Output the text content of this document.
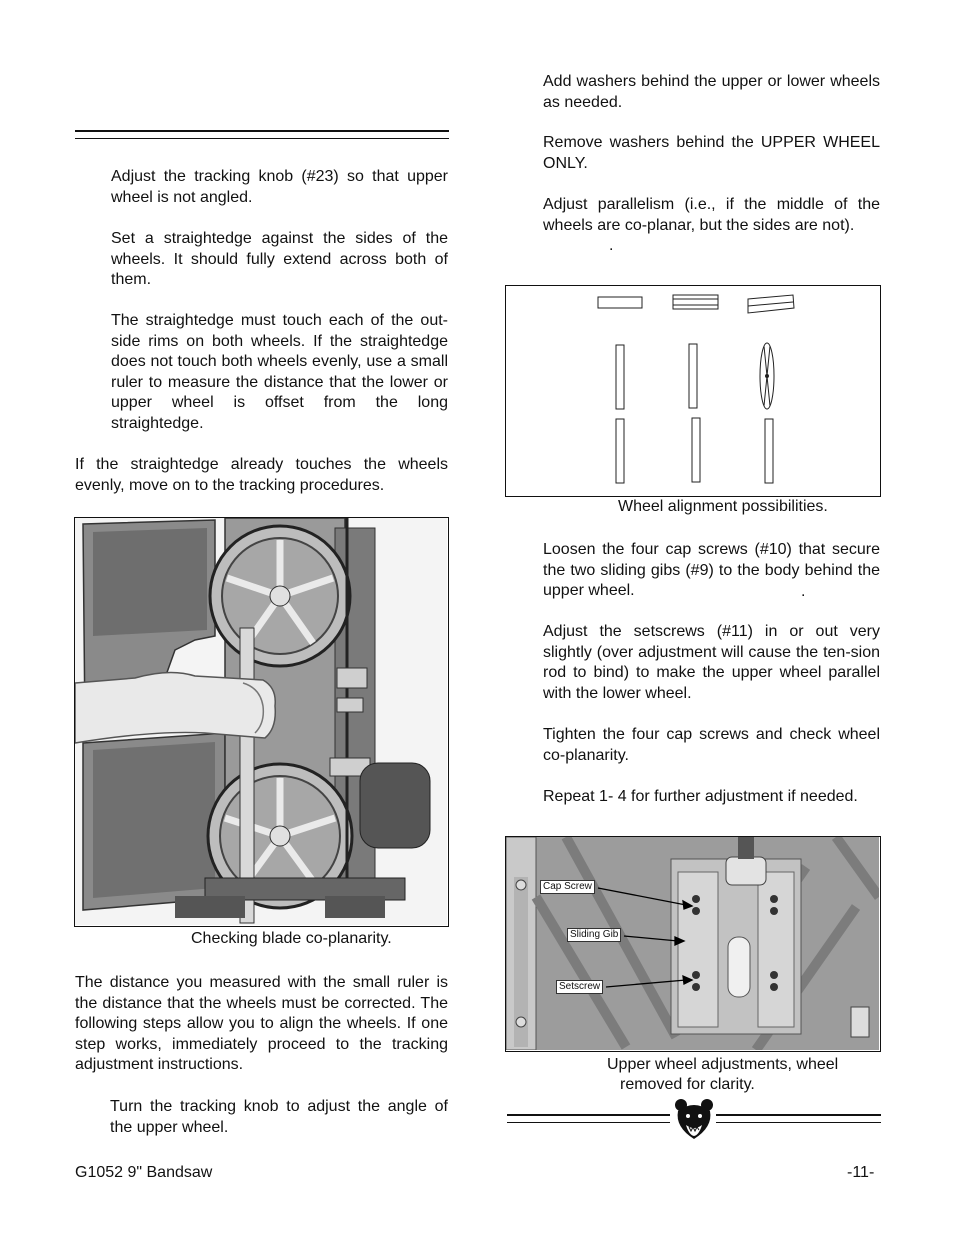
Adjust the tracking knob (#23) so that upper wheel is not angled.
Set a straightedge against the sides of the wheels. It should fully extend across both of them.
The straightedge must touch each of the out-side rims on both wheels. If the straightedge does not touch both wheels evenly, use a small ruler to measure the distance that the lower or upper wheel is offset from the long straightedge.
If the straightedge already touches the wheels evenly, move on to the tracking procedures.
Checking blade co-planarity.
The distance you measured with the small ruler is the distance that the wheels must be corrected. The following steps allow you to align the wheels. If one step works, immediately proceed to the tracking adjustment instructions.
Turn the tracking knob to adjust the angle of the upper wheel.
Add washers behind the upper or lower wheels as needed.
Remove washers behind the UPPER WHEEL ONLY.
Adjust parallelism (i.e., if the middle of the wheels are co-planar, but the sides are not).
.
Wheel alignment possibilities.
Loosen the four cap screws (#10) that secure the two sliding gibs (#9) to the body behind the upper wheel.	.
Adjust the setscrews (#11) in or out very slightly (over adjustment will cause the ten-sion rod to bind) to make the upper wheel parallel with the lower wheel.
Tighten the four cap screws and check wheel co-planarity.
Repeat 1- 4 for further adjustment if needed.
Cap Screw
Sliding Gib
Setscrew
Upper wheel adjustments, wheel
removed for clarity.
G1052 9" Bandsaw	-11-
